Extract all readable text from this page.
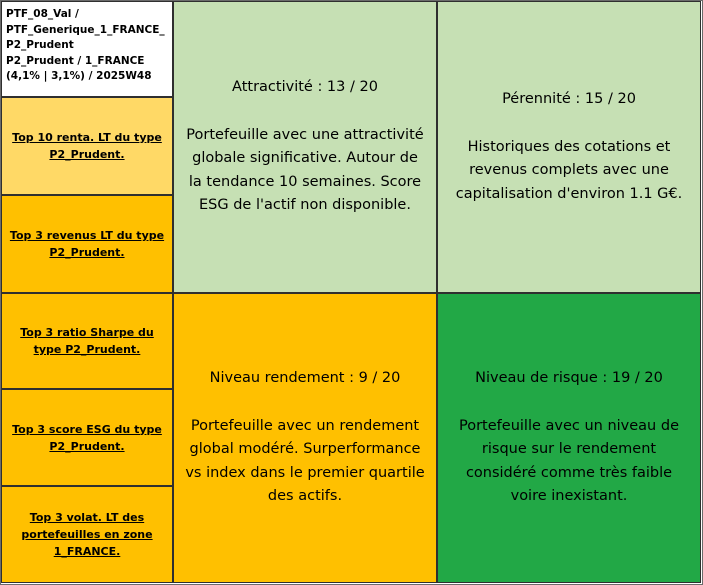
PTF_08_Val /
PTF_Generique_1_FRANCE_
P2_Prudent
P2_Prudent / 1_FRANCE
(4,1% | 3,1%) / 2025W48
Top 10 renta. LT du type
P2_Prudent.
Top 3 revenus LT du type
P2_Prudent.
Top 3 ratio Sharpe du
type P2_Prudent.
Top 3 score ESG du type
P2_Prudent.
Top 3 volat. LT des
portefeuilles en zone
1_FRANCE.
Attractivité : 13 / 20
Portefeuille avec une attractivité
globale significative. Autour de
la tendance 10 semaines. Score
ESG de l'actif non disponible.
Pérennité : 15 / 20
Historiques des cotations et
revenus complets avec une
capitalisation d'environ 1.1 G€.
Niveau rendement : 9 / 20
Portefeuille avec un rendement
global modéré. Surperformance
vs index dans le premier quartile
des actifs.
Niveau de risque : 19 / 20
Portefeuille avec un niveau de
risque sur le rendement
considéré comme très faible
voire inexistant.
